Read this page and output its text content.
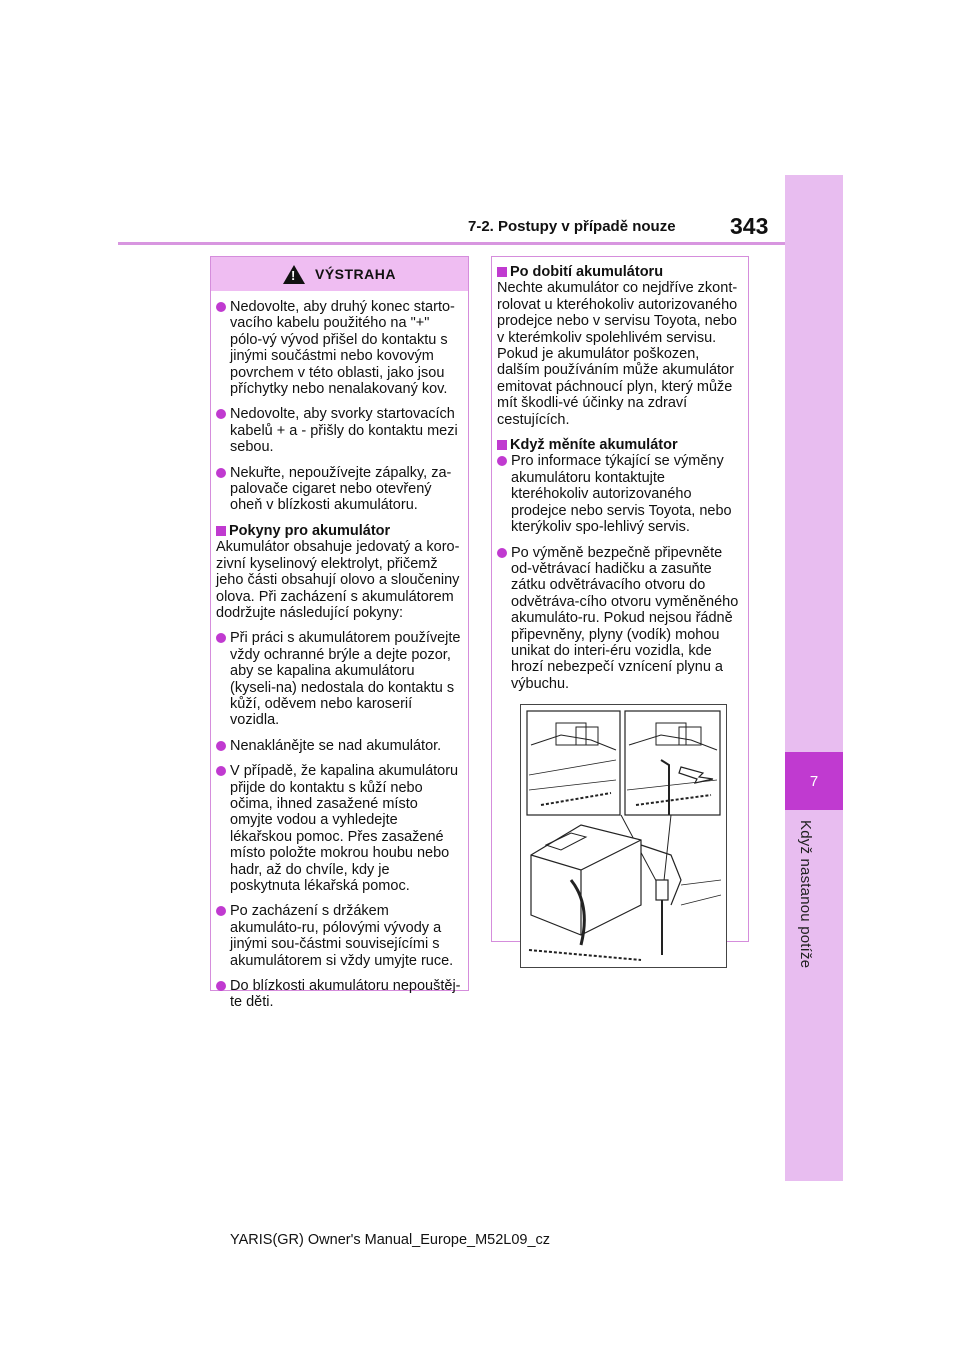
7
Když nastanou potíže
7-2. Postupy v případě nouze 343
!
VÝSTRAHA
Nedovolte, aby druhý konec starto-vacího kabelu použitého na "+" pólo-vý vývod přišel do kontaktu s jinými součástmi nebo kovovým povrchem v této oblasti, jako jsou příchytky nebo nenalakovaný kov.
Nedovolte, aby svorky startovacích kabelů + a - přišly do kontaktu mezi sebou.
Nekuřte, nepoužívejte zápalky, za-palovače cigaret nebo otevřený oheň v blízkosti akumulátoru.
Pokyny pro akumulátor
Akumulátor obsahuje jedovatý a koro-zivní kyselinový elektrolyt, přičemž jeho části obsahují olovo a sloučeniny olova. Při zacházení s akumulátorem dodržujte následující pokyny:
Při práci s akumulátorem používejte vždy ochranné brýle a dejte pozor, aby se kapalina akumulátoru (kyseli-na) nedostala do kontaktu s kůží, oděvem nebo karoserií vozidla.
Nenaklánějte se nad akumulátor.
V případě, že kapalina akumulátoru přijde do kontaktu s kůží nebo očima, ihned zasažené místo omyjte vodou a vyhledejte lékařskou pomoc. Přes zasažené místo položte mokrou houbu nebo hadr, až do chvíle, kdy je poskytnuta lékařská pomoc.
Po zacházení s držákem akumuláto-ru, pólovými vývody a jinými sou-částmi souvisejícími s akumulátorem si vždy umyjte ruce.
Do blízkosti akumulátoru nepouštěj-te děti.
Po dobití akumulátoru
Nechte akumulátor co nejdříve zkont-rolovat u kteréhokoliv autorizovaného prodejce nebo v servisu Toyota, nebo v kterémkoliv spolehlivém servisu. Pokud je akumulátor poškozen, dalším používáním může akumulátor emitovat páchnoucí plyn, který může mít škodli-vé účinky na zdraví cestujících.
Když měníte akumulátor
Pro informace týkající se výměny akumulátoru kontaktujte kteréhokoliv autorizovaného prodejce nebo servis Toyota, nebo kterýkoliv spo-lehlivý servis.
Po výměně bezpečně připevněte od-větrávací hadičku a zasuňte zátku odvětrávacího otvoru do odvětráva-cího otvoru vyměněného akumuláto-ru. Pokud nejsou řádně připevněny, plyny (vodík) mohou unikat do interi-éru vozidla, kde hrozí nebezpečí vznícení plynu a výbuchu.
YARIS(GR) Owner's Manual_Europe_M52L09_cz
